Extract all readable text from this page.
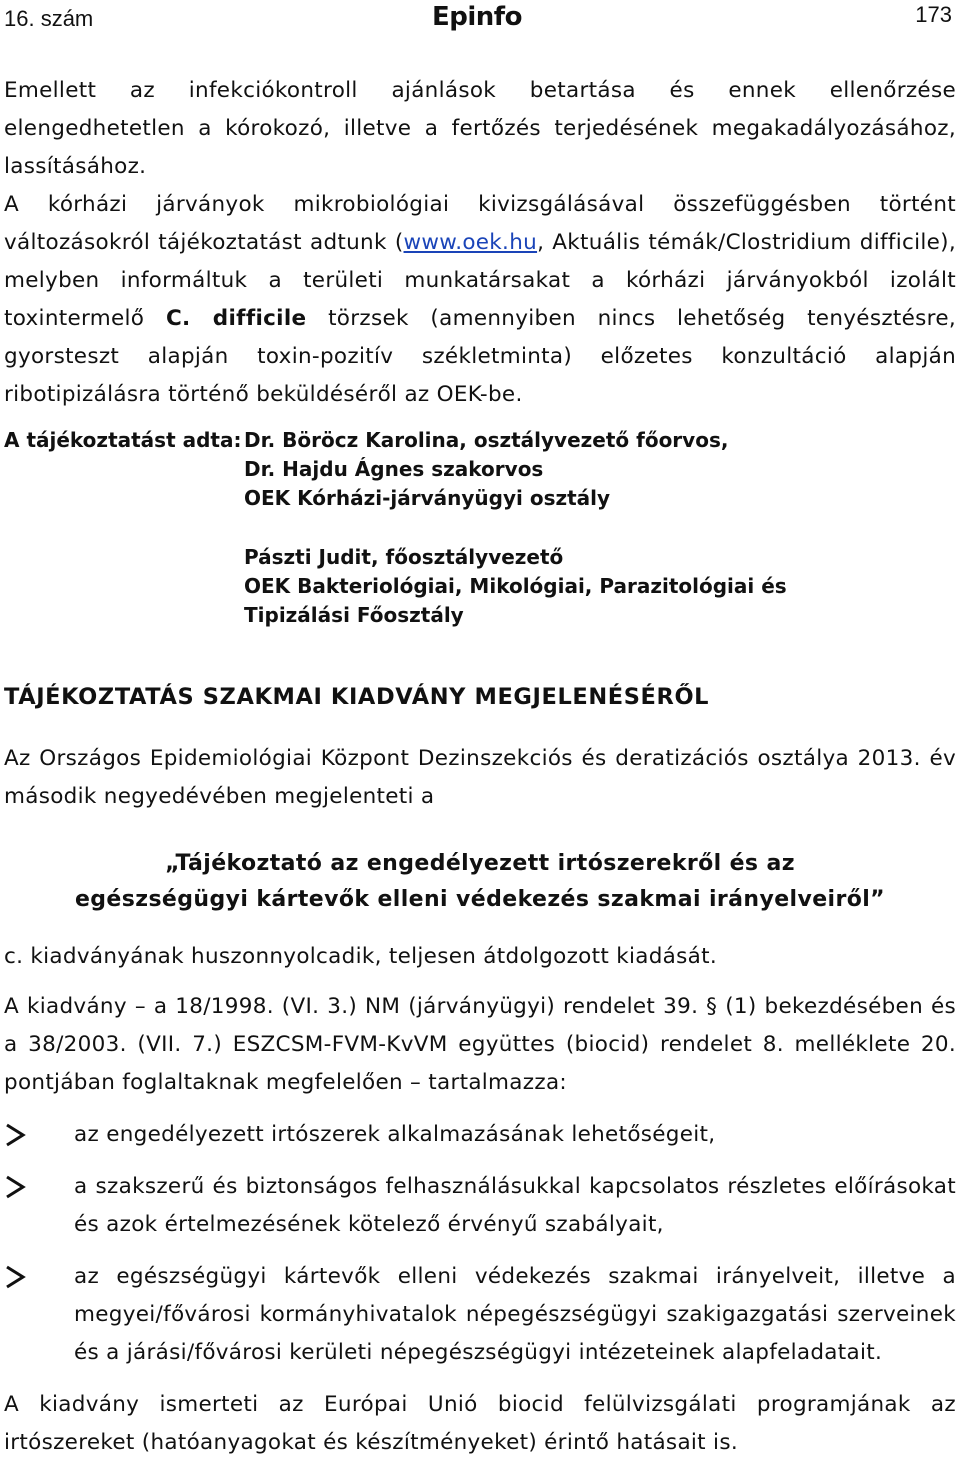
16. szám	Epinfo	173

Emellett az infekciókontroll ajánlások betartása és ennek ellenőrzése elengedhetetlen a kórokozó, illetve a fertőzés terjedésének megakadályozásához, lassításához.

A kórházi járványok mikrobiológiai kivizsgálásával összefüggésben történt változásokról tájékoztatást adtunk (www.oek.hu, Aktuális témák/Clostridium difficile), melyben informáltuk a területi munkatársakat a kórházi járványokból izolált toxintermelő C. difficile törzsek (amennyiben nincs lehetőség tenyésztésre, gyorsteszt alapján toxin-pozitív székletminta) előzetes konzultáció alapján ribotipizálásra történő beküldéséről az OEK-be.

A tájékoztatást adta: Dr. Böröcz Karolina, osztályvezető főorvos,
Dr. Hajdu Ágnes szakorvos
OEK Kórházi-járványügyi osztály
Pászti Judit, főosztályvezető
OEK Bakteriológiai, Mikológiai, Parazitológiai és
Tipizálási Főosztály
TÁJÉKOZTATÁS SZAKMAI KIADVÁNY MEGJELENÉSÉRŐL

Az Országos Epidemiológiai Központ Dezinszekciós és deratizációs osztálya 2013. év második negyedévében megjelenteti a

„Tájékoztató az engedélyezett irtószerekről és az
egészségügyi kártevők elleni védekezés szakmai irányelveiről”

c. kiadványának huszonnyolcadik, teljesen átdolgozott kiadását.

A kiadvány – a 18/1998. (VI. 3.) NM (járványügyi) rendelet 39. § (1) bekezdésében és a 38/2003. (VII. 7.) ESZCSM-FVM-KvVM együttes (biocid) rendelet 8. melléklete 20. pontjában foglaltaknak megfelelően – tartalmazza:

az engedélyezett irtószerek alkalmazásának lehetőségeit,
a szakszerű és biztonságos felhasználásukkal kapcsolatos részletes előírásokat és azok értelmezésének kötelező érvényű szabályait,
az egészségügyi kártevők elleni védekezés szakmai irányelveit, illetve a megyei/fővárosi kormányhivatalok népegészségügyi szakigazgatási szerveinek és a járási/fővárosi kerületi népegészségügyi intézeteinek alapfeladatait.

A kiadvány ismerteti az Európai Unió biocid felülvizsgálati programjának az irtószereket (hatóanyagokat és készítményeket) érintő hatásait is.
